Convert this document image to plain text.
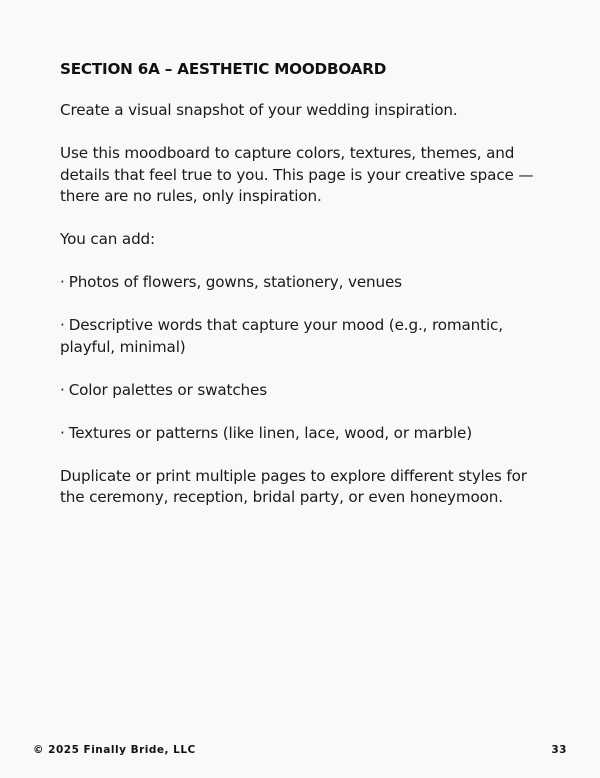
SECTION 6A – AESTHETIC MOODBOARD

Create a visual snapshot of your wedding inspiration.

Use this moodboard to capture colors, textures, themes, and details that feel true to you. This page is your creative space — there are no rules, only inspiration.

You can add:

· Photos of flowers, gowns, stationery, venues

· Descriptive words that capture your mood (e.g., romantic, playful, minimal)

· Color palettes or swatches

· Textures or patterns (like linen, lace, wood, or marble)

Duplicate or print multiple pages to explore different styles for the ceremony, reception, bridal party, or even honeymoon.

© 2025 Finally Bride, LLC	33
